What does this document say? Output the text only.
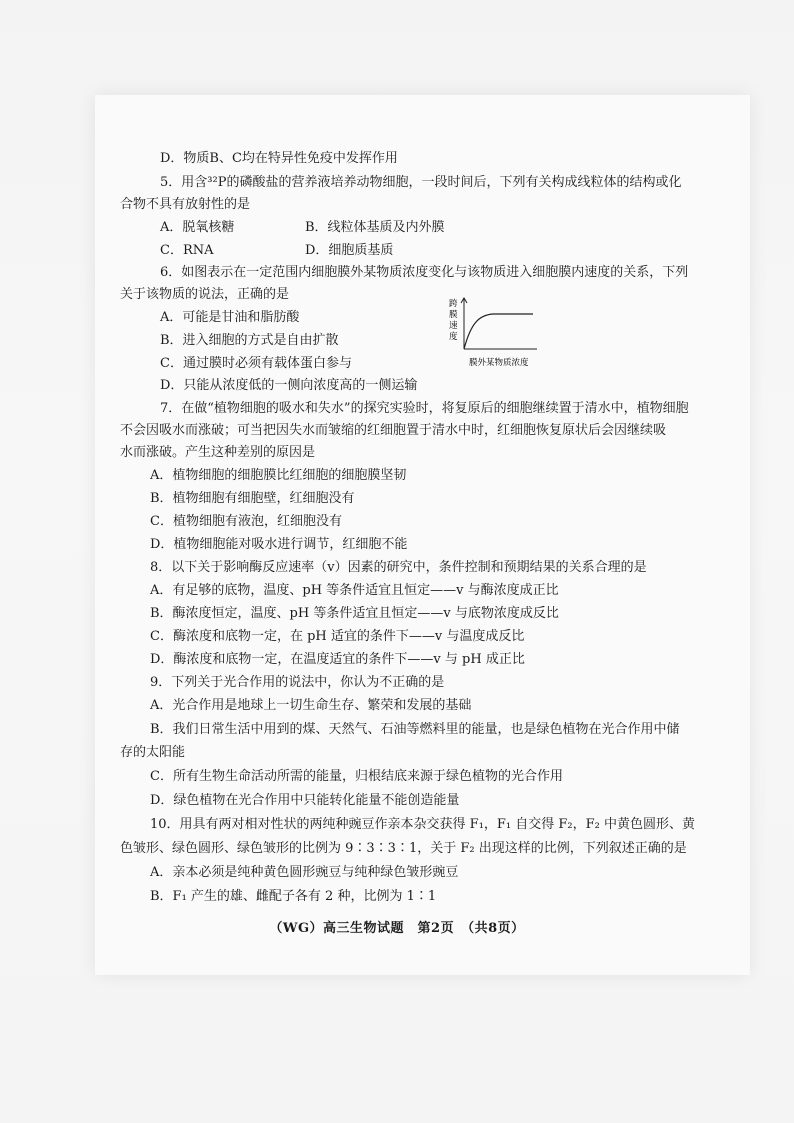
D．物质B、C均在特异性免疫中发挥作用
5．用含³²P的磷酸盐的营养液培养动物细胞，一段时间后，下列有关构成线粒体的结构或化
合物不具有放射性的是
A．脱氧核糖	B．线粒体基质及内外膜
C．RNA	D．细胞质基质
6．如图表示在一定范围内细胞膜外某物质浓度变化与该物质进入细胞膜内速度的关系，下列
关于该物质的说法，正确的是
A．可能是甘油和脂肪酸
B．进入细胞的方式是自由扩散
C．通过膜时必须有载体蛋白参与
D．只能从浓度低的一侧向浓度高的一侧运输
跨
膜
速
度
膜外某物质浓度
7．在做“植物细胞的吸水和失水”的探究实验时，将复原后的细胞继续置于清水中，植物细胞
不会因吸水而涨破；可当把因失水而皱缩的红细胞置于清水中时，红细胞恢复原状后会因继续吸
水而涨破。产生这种差别的原因是
A．植物细胞的细胞膜比红细胞的细胞膜坚韧
B．植物细胞有细胞壁，红细胞没有
C．植物细胞有液泡，红细胞没有
D．植物细胞能对吸水进行调节，红细胞不能
8．以下关于影响酶反应速率（v）因素的研究中，条件控制和预期结果的关系合理的是
A．有足够的底物，温度、pH 等条件适宜且恒定——v 与酶浓度成正比
B．酶浓度恒定，温度、pH 等条件适宜且恒定——v 与底物浓度成反比
C．酶浓度和底物一定，在 pH 适宜的条件下——v 与温度成反比
D．酶浓度和底物一定，在温度适宜的条件下——v 与 pH 成正比
9．下列关于光合作用的说法中，你认为不正确的是
A．光合作用是地球上一切生命生存、繁荣和发展的基础
B．我们日常生活中用到的煤、天然气、石油等燃料里的能量，也是绿色植物在光合作用中储
存的太阳能
C．所有生物生命活动所需的能量，归根结底来源于绿色植物的光合作用
D．绿色植物在光合作用中只能转化能量不能创造能量
10．用具有两对相对性状的两纯种豌豆作亲本杂交获得 F₁，F₁ 自交得 F₂，F₂ 中黄色圆形、黄
色皱形、绿色圆形、绿色皱形的比例为 9∶3∶3∶1，关于 F₂ 出现这样的比例，下列叙述正确的是
A．亲本必须是纯种黄色圆形豌豆与纯种绿色皱形豌豆
B．F₁ 产生的雄、雌配子各有 2 种，比例为 1∶1
（WG）高三生物试题　第2页　（共8页）
